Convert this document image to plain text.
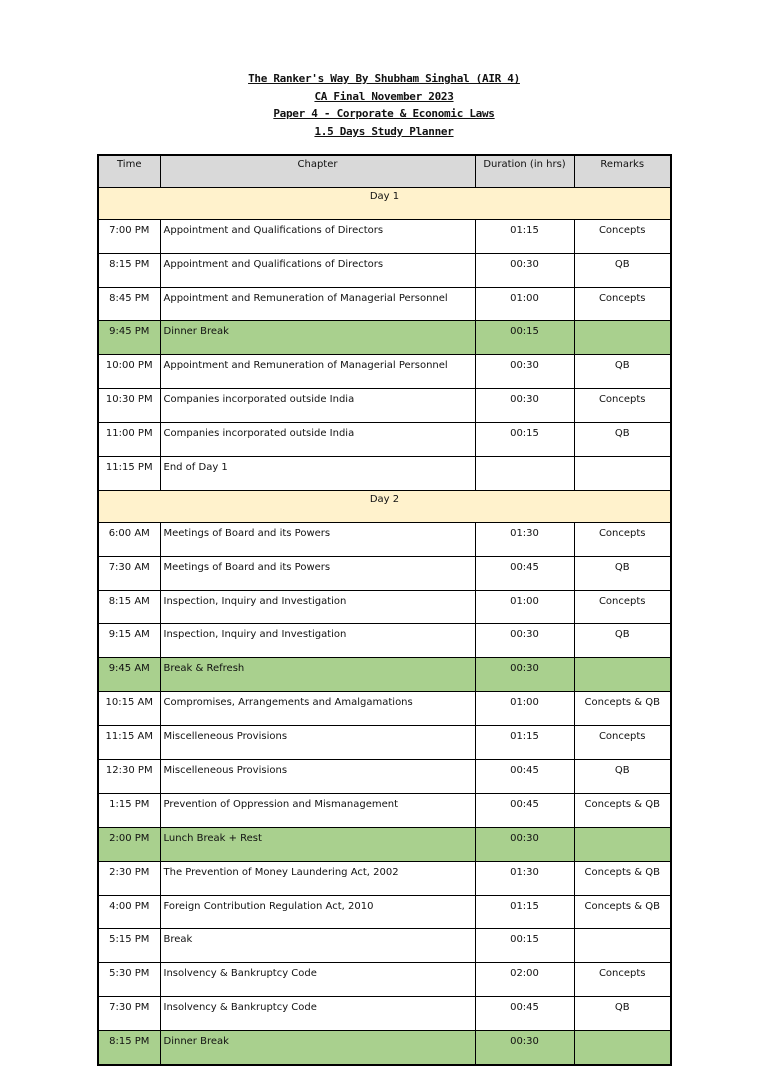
The Ranker's Way By Shubham Singhal (AIR 4)
CA Final November 2023
Paper 4 - Corporate & Economic Laws
1.5 Days Study Planner
Time	Chapter	Duration (in hrs)	Remarks
Day 1			
7:00 PM	Appointment and Qualifications of Directors	01:15	Concepts
8:15 PM	Appointment and Qualifications of Directors	00:30	QB
8:45 PM	Appointment and Remuneration of Managerial Personnel	01:00	Concepts
9:45 PM	Dinner Break	00:15	
10:00 PM	Appointment and Remuneration of Managerial Personnel	00:30	QB
10:30 PM	Companies incorporated outside India	00:30	Concepts
11:00 PM	Companies incorporated outside India	00:15	QB
11:15 PM	End of Day 1		
Day 2			
6:00 AM	Meetings of Board and its Powers	01:30	Concepts
7:30 AM	Meetings of Board and its Powers	00:45	QB
8:15 AM	Inspection, Inquiry and Investigation	01:00	Concepts
9:15 AM	Inspection, Inquiry and Investigation	00:30	QB
9:45 AM	Break & Refresh	00:30	
10:15 AM	Compromises, Arrangements and Amalgamations	01:00	Concepts & QB
11:15 AM	Miscelleneous Provisions	01:15	Concepts
12:30 PM	Miscelleneous Provisions	00:45	QB
1:15 PM	Prevention of Oppression and Mismanagement	00:45	Concepts & QB
2:00 PM	Lunch Break + Rest	00:30	
2:30 PM	The Prevention of Money Laundering Act, 2002	01:30	Concepts & QB
4:00 PM	Foreign Contribution Regulation Act, 2010	01:15	Concepts & QB
5:15 PM	Break	00:15	
5:30 PM	Insolvency & Bankruptcy Code	02:00	Concepts
7:30 PM	Insolvency & Bankruptcy Code	00:45	QB
8:15 PM	Dinner Break	00:30	
